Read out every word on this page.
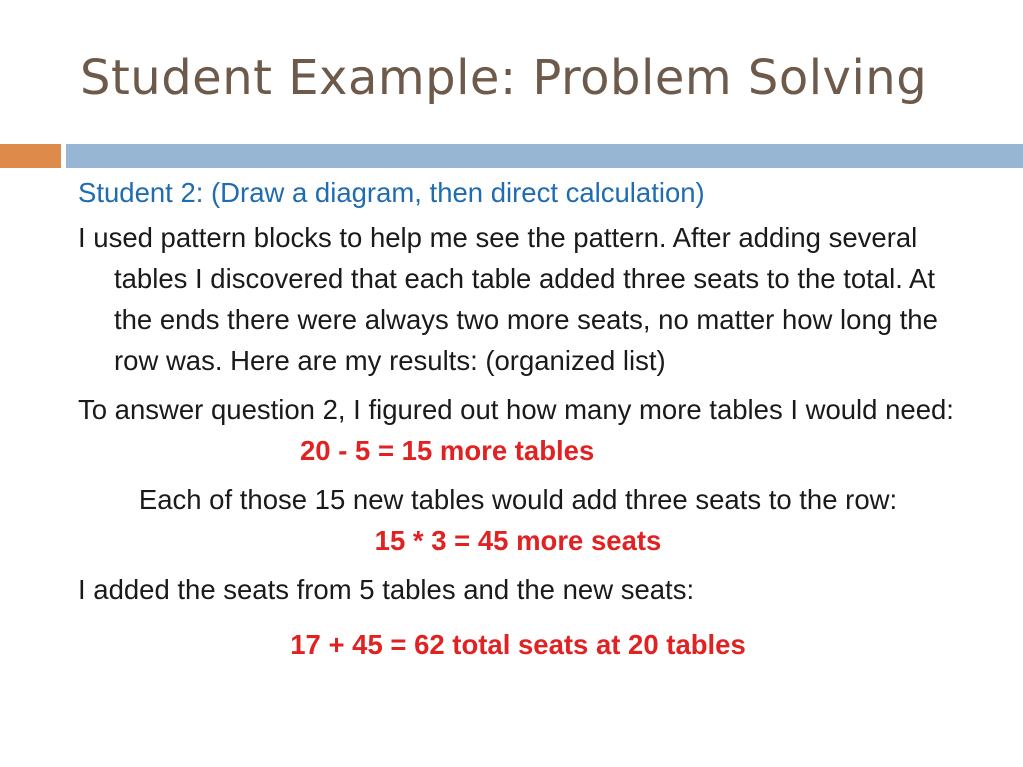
Student Example: Problem Solving

Student 2: (Draw a diagram, then direct calculation)

I used pattern blocks to help me see the pattern. After adding several tables I discovered that each table added three seats to the total. At the ends there were always two more seats, no matter how long the row was. Here are my results: (organized list)

To answer question 2, I figured out how many more tables I would need:20 - 5 = 15 more tables

Each of those 15 new tables would add three seats to the row:
15 * 3 = 45 more seats

I added the seats from 5 tables and the new seats:

17 + 45 = 62 total seats at 20 tables
